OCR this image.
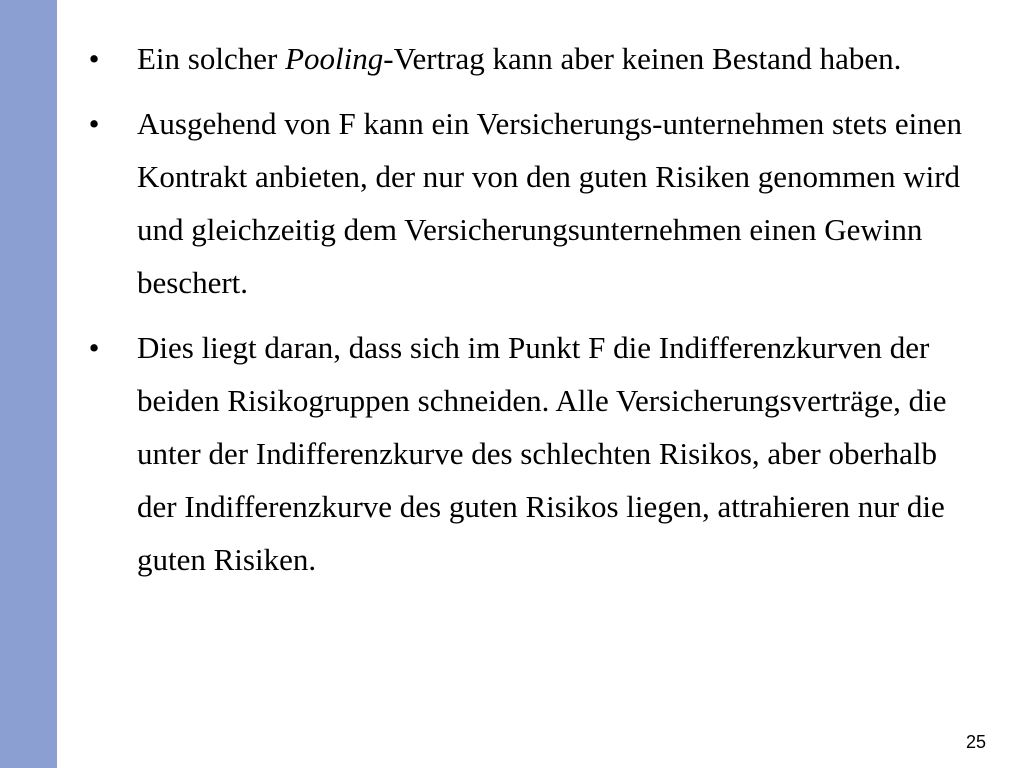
• Ein solcher Pooling-Vertrag kann aber keinen Bestand haben.
• Ausgehend von F kann ein Versicherungs-unternehmen stets einen Kontrakt anbieten, der nur von den guten Risiken genommen wird und gleichzeitig dem Versicherungsunternehmen einen Gewinn beschert.
• Dies liegt daran, dass sich im Punkt F die Indifferenzkurven der beiden Risikogruppen schneiden. Alle Versicherungsverträge, die unter der Indifferenzkurve des schlechten Risikos, aber oberhalb der Indifferenzkurve des guten Risikos liegen, attrahieren nur die guten Risiken.
25
